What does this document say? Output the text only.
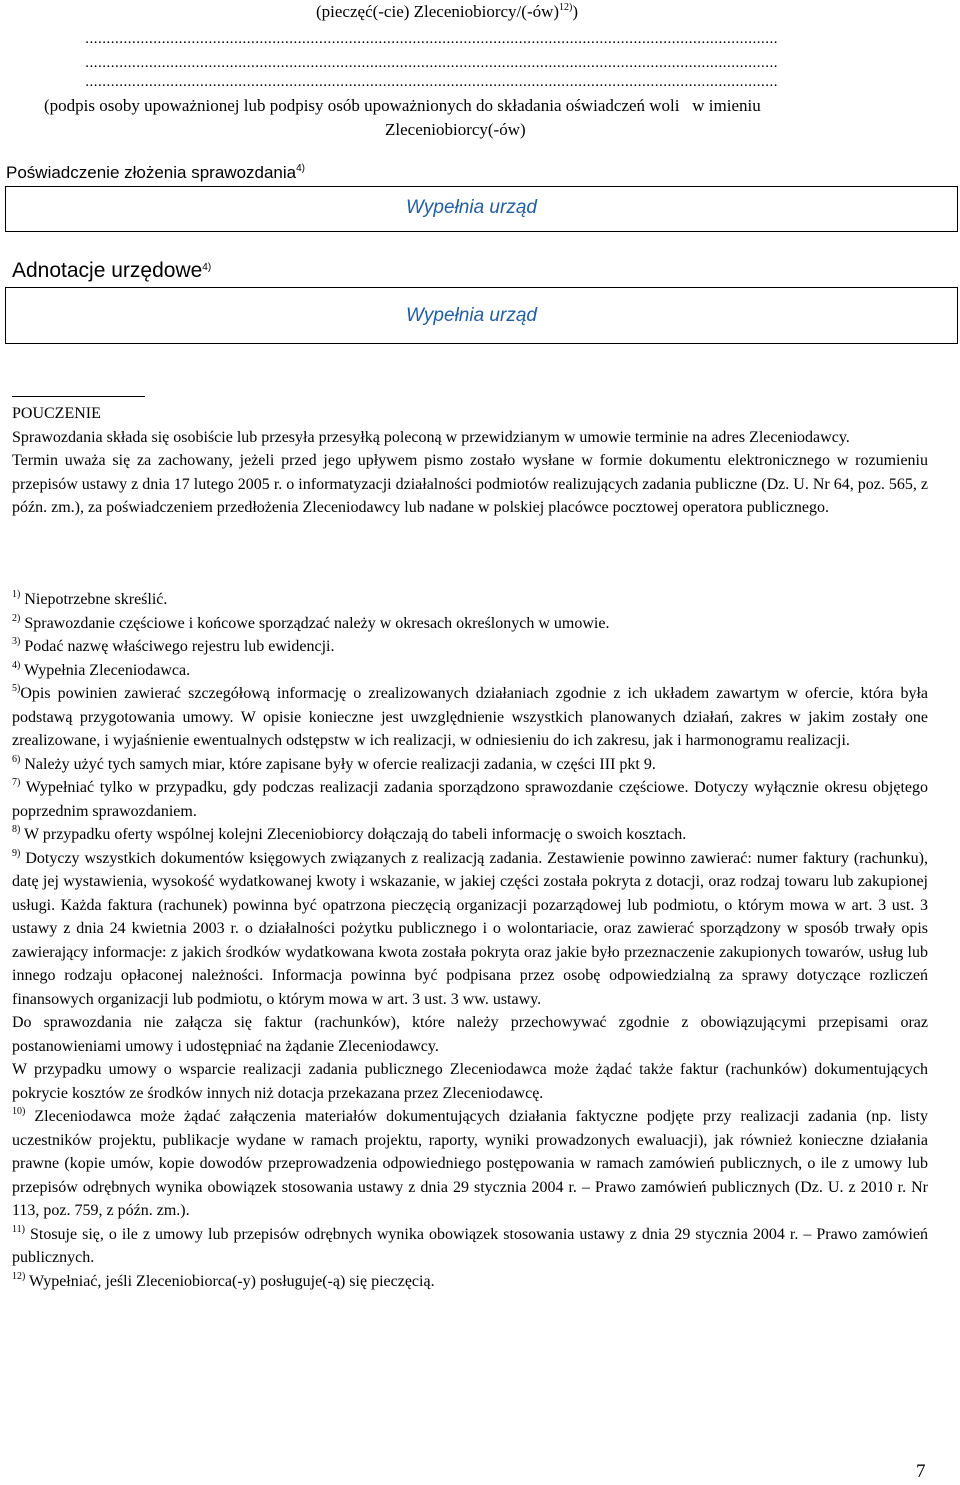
(pieczęć(-cie) Zleceniobiorcy/(-ów)$^{12)}$)
...................................................................................................................................................................
...................................................................................................................................................................
...................................................................................................................................................................
(podpis osoby upoważnionej lub podpisy osób upoważnionych do składania oświadczeń woli   w imieniu
Zleceniobiorcy(-ów)
Poświadczenie złożenia sprawozdania$^{4)}$
Wypełnia urząd
Adnotacje urzędowe$^{4)}$
Wypełnia urząd
POUCZENIE
Sprawozdania składa się osobiście lub przesyła przesyłką poleconą w przewidzianym w umowie terminie na adres Zleceniodawcy.
Termin uważa się za zachowany, jeżeli przed jego upływem pismo zostało wysłane w formie dokumentu elektronicznego w rozumieniu przepisów ustawy z dnia 17 lutego 2005 r. o informatyzacji działalności podmiotów realizujących zadania publiczne (Dz. U. Nr 64, poz. 565, z późn. zm.), za poświadczeniem przedłożenia Zleceniodawcy lub nadane w polskiej placówce pocztowej operatora publicznego.
$^{1)}$ Niepotrzebne skreślić.
$^{2)}$ Sprawozdanie częściowe i końcowe sporządzać należy w okresach określonych w umowie.
$^{3)}$ Podać nazwę właściwego rejestru lub ewidencji.
$^{4)}$ Wypełnia Zleceniodawca.
$^{5)}$Opis powinien zawierać szczegółową informację o zrealizowanych działaniach zgodnie z ich układem zawartym w ofercie, która była podstawą przygotowania umowy. W opisie konieczne jest uwzględnienie wszystkich planowanych działań, zakres w jakim zostały one zrealizowane, i wyjaśnienie ewentualnych odstępstw w ich realizacji, w odniesieniu do ich zakresu, jak i harmonogramu realizacji.
$^{6)}$ Należy użyć tych samych miar, które zapisane były w ofercie realizacji zadania, w części III pkt 9.
$^{7)}$ Wypełniać tylko w przypadku, gdy podczas realizacji zadania sporządzono sprawozdanie częściowe. Dotyczy wyłącznie okresu objętego poprzednim sprawozdaniem.
$^{8)}$ W przypadku oferty wspólnej kolejni Zleceniobiorcy dołączają do tabeli informację o swoich kosztach.
$^{9)}$ Dotyczy wszystkich dokumentów księgowych związanych z realizacją zadania. Zestawienie powinno zawierać: numer faktury (rachunku), datę jej wystawienia, wysokość wydatkowanej kwoty i wskazanie, w jakiej części została pokryta z dotacji, oraz rodzaj towaru lub zakupionej usługi. Każda faktura (rachunek) powinna być opatrzona pieczęcią organizacji pozarządowej lub podmiotu, o którym mowa w art. 3 ust. 3 ustawy z dnia 24 kwietnia 2003 r. o działalności pożytku publicznego i o wolontariacie, oraz zawierać sporządzony w sposób trwały opis zawierający informacje: z jakich środków wydatkowana kwota została pokryta oraz jakie było przeznaczenie zakupionych towarów, usług lub innego rodzaju opłaconej należności. Informacja powinna być podpisana przez osobę odpowiedzialną za sprawy dotyczące rozliczeń finansowych organizacji lub podmiotu, o którym mowa w art. 3 ust. 3 ww. ustawy.
Do sprawozdania nie załącza się faktur (rachunków), które należy przechowywać zgodnie z obowiązującymi przepisami oraz postanowieniami umowy i udostępniać na żądanie Zleceniodawcy.
W przypadku umowy o wsparcie realizacji zadania publicznego Zleceniodawca może żądać także faktur (rachunków) dokumentujących pokrycie kosztów ze środków innych niż dotacja przekazana przez Zleceniodawcę.
$^{10)}$ Zleceniodawca może żądać załączenia materiałów dokumentujących działania faktyczne podjęte przy realizacji zadania (np. listy uczestników projektu, publikacje wydane w ramach projektu, raporty, wyniki prowadzonych ewaluacji), jak również konieczne działania prawne (kopie umów, kopie dowodów przeprowadzenia odpowiedniego postępowania w ramach zamówień publicznych, o ile z umowy lub przepisów odrębnych wynika obowiązek stosowania ustawy z dnia 29 stycznia 2004 r. – Prawo zamówień publicznych (Dz. U. z 2010 r. Nr 113, poz. 759, z późn. zm.).
$^{11)}$ Stosuje się, o ile z umowy lub przepisów odrębnych wynika obowiązek stosowania ustawy z dnia 29 stycznia 2004 r. – Prawo zamówień publicznych.
$^{12)}$ Wypełniać, jeśli Zleceniobiorca(-y) posługuje(-ą) się pieczęcią.
7
